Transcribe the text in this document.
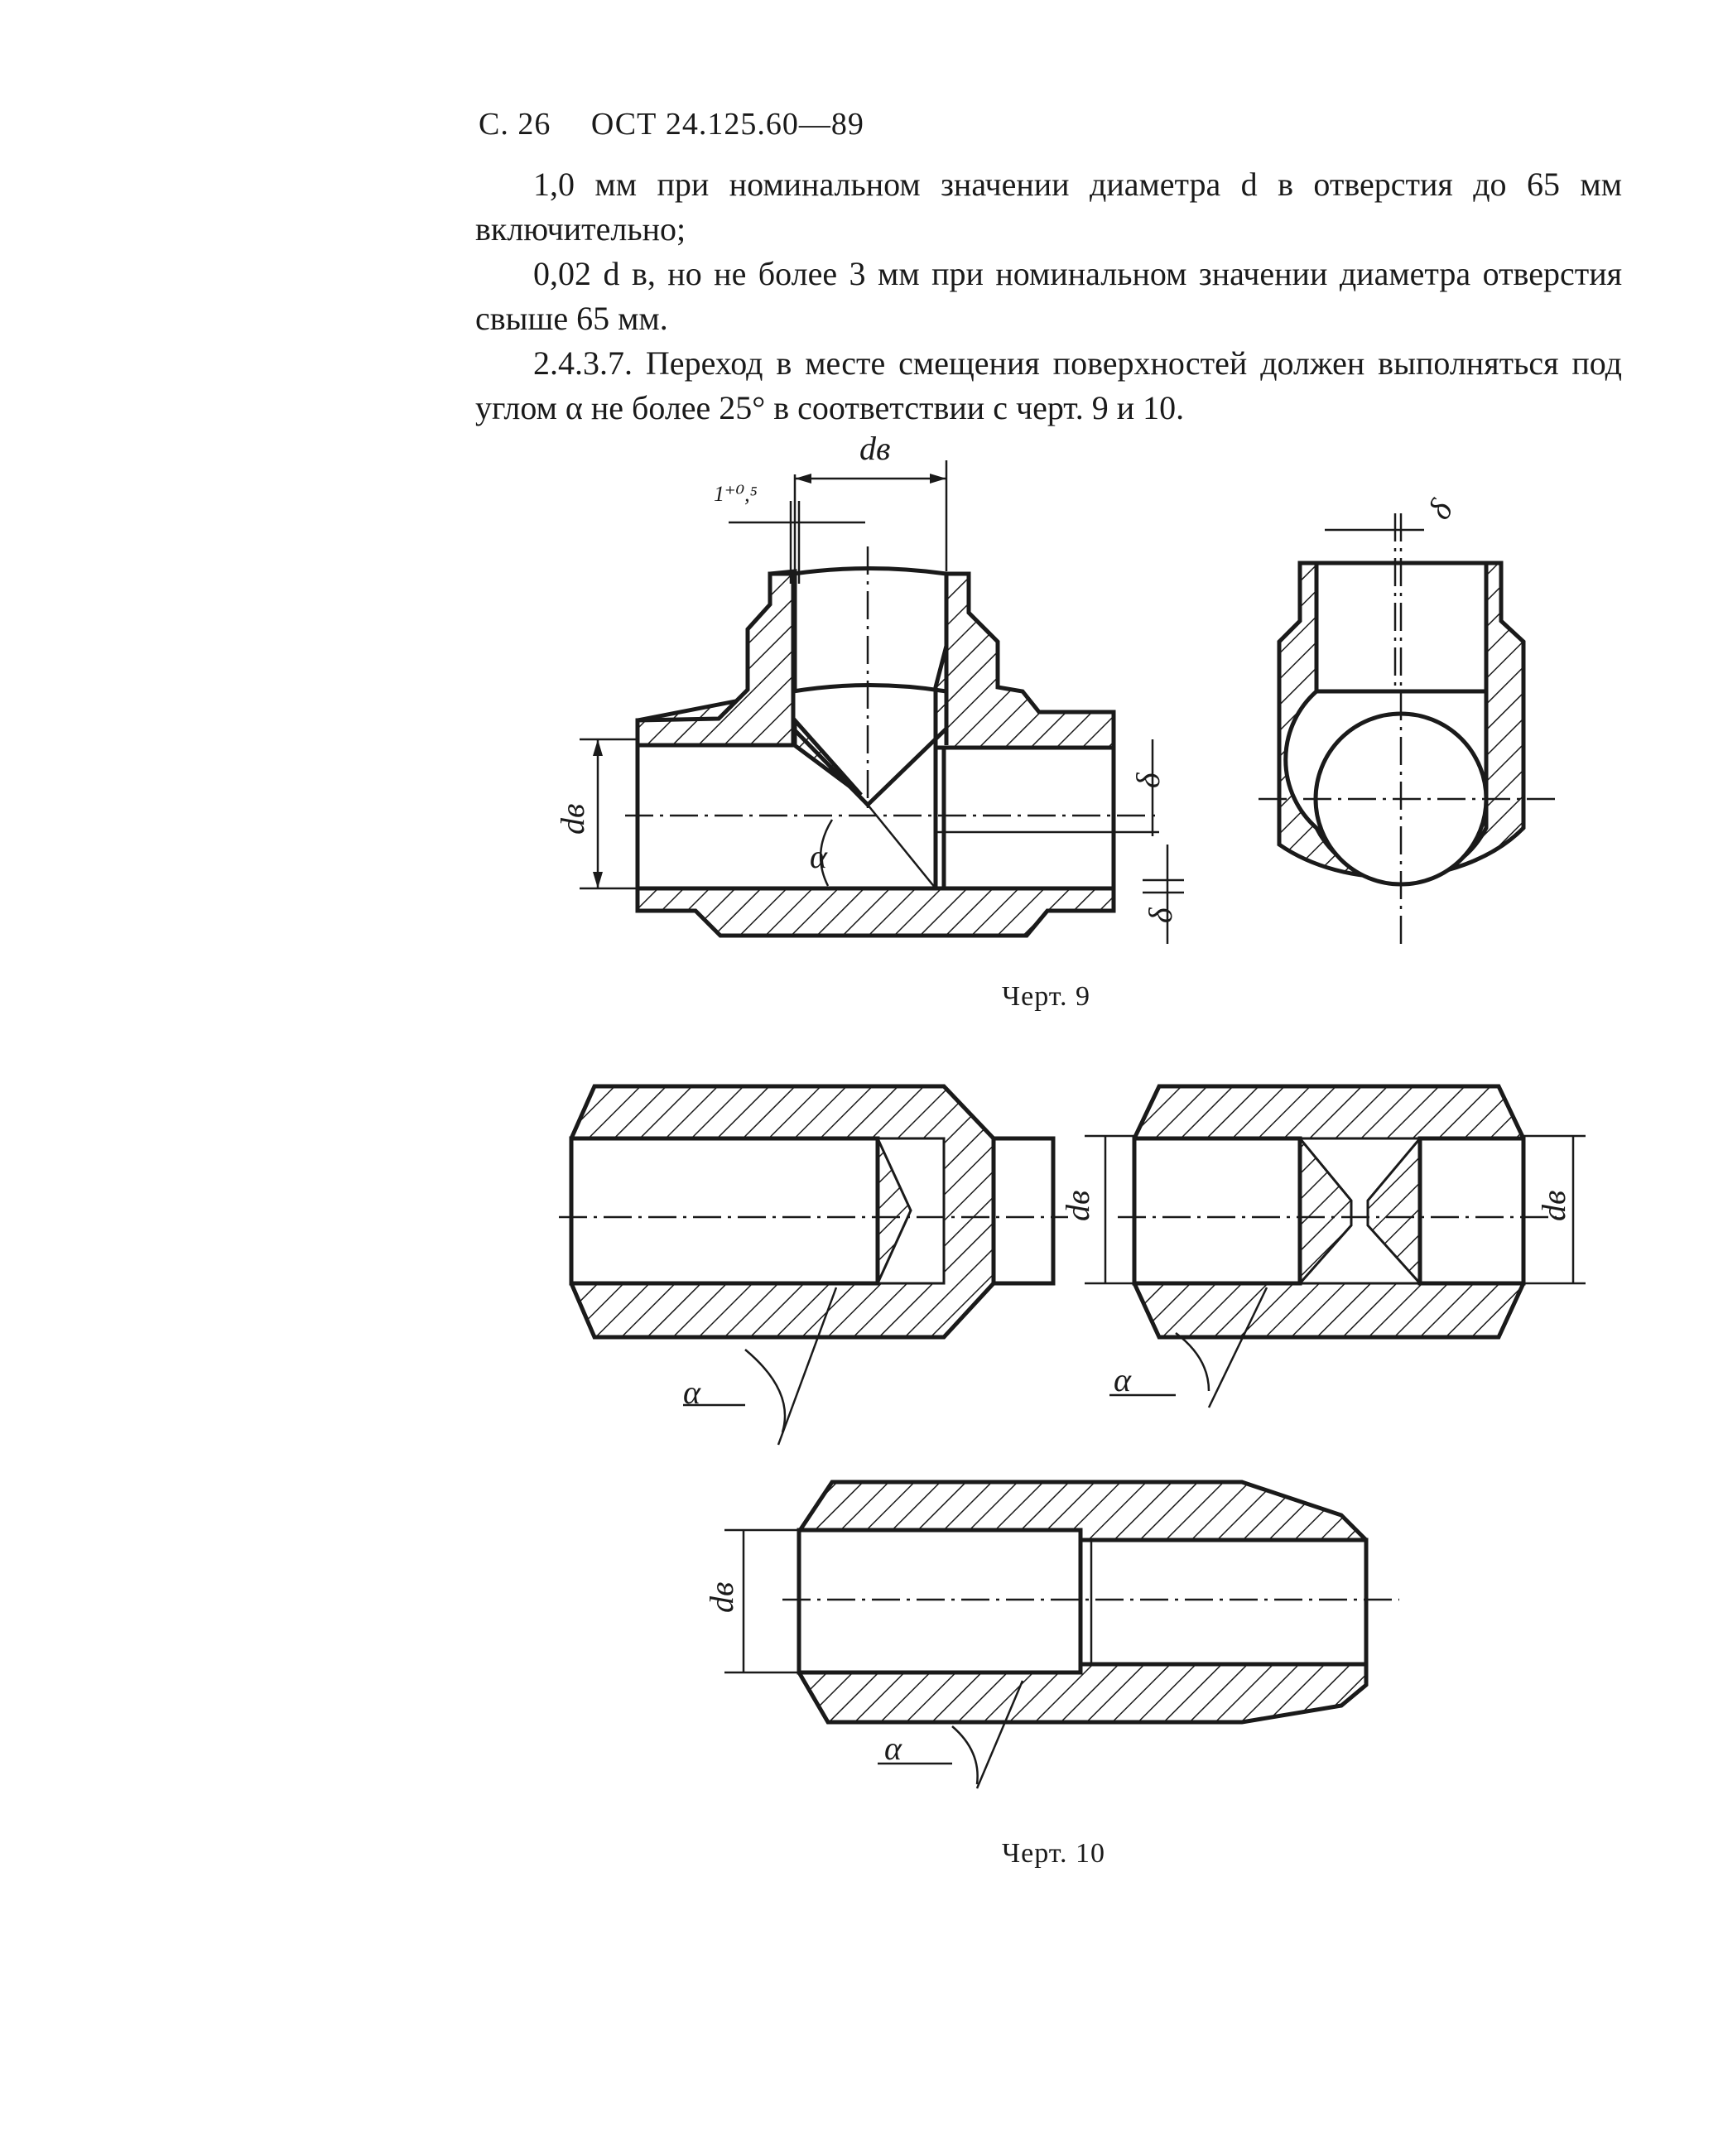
С. 26 ОСТ 24.125.60—89

1,0 мм при номинальном значении диаметра d в отверстия до 65 мм включительно;

0,02 d в, но не более 3 мм при номинальном значении диаметра отверстия свыше 65 мм.

2.4.3.7. Переход в месте смещения поверхностей должен выполняться под углом α не более 25° в соответствии с черт. 9 и 10.

dв
1⁺⁰,⁵
dв
α
δ
δ
δ
α
dв	dв
α
dв
α
Черт. 9
Черт. 10
